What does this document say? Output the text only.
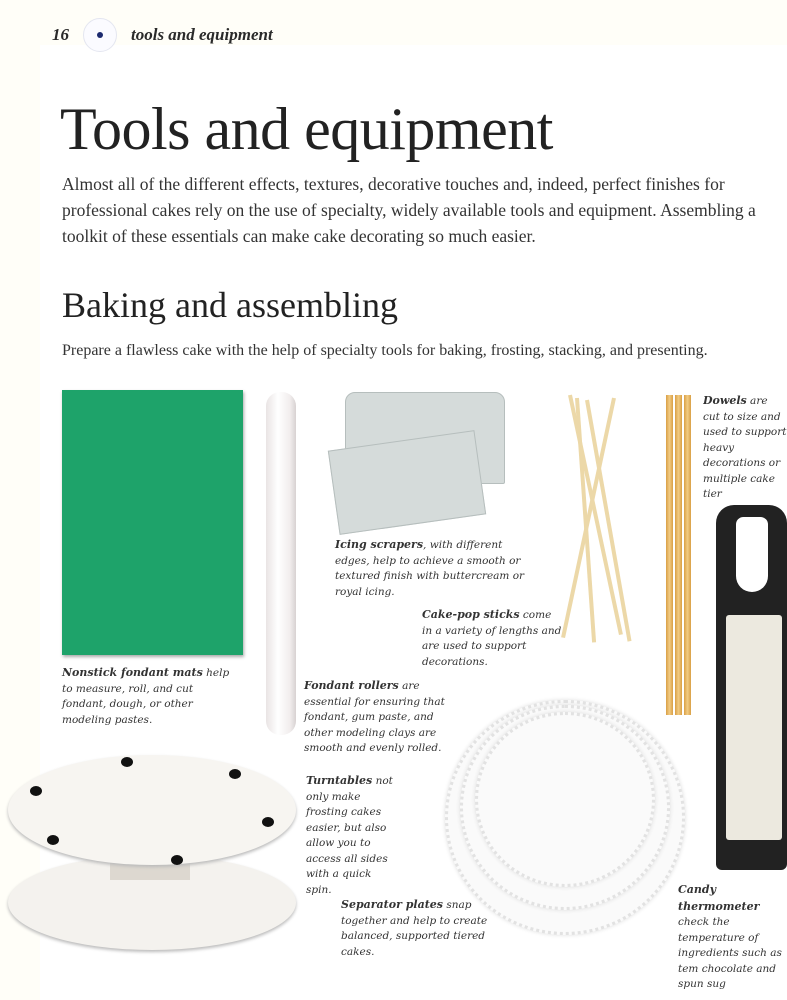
16	tools and equipment
Tools and equipment

Almost all of the different effects, textures, decorative touches and, indeed, perfect finishes for professional cakes rely on the use of specialty, widely available tools and equipment. Assembling a toolkit of these essentials can make cake decorating so much easier.

Baking and assembling

Prepare a flawless cake with the help of specialty tools for baking, frosting, stacking, and presenting.

Nonstick fondant mats help to measure, roll, and cut fondant, dough, or other modeling pastes.

Fondant rollers are essential for ensuring that fondant, gum paste, and other modeling clays are smooth and evenly rolled.

Icing scrapers, with different edges, help to achieve a smooth or textured finish with buttercream or royal icing.

Cake-pop sticks come in a variety of lengths and are used to support decorations.

Dowels are cut to size and used to support heavy decorations or multiple cake tier

Turntables not only make frosting cakes easier, but also allow you to access all sides with a quick spin.

Separator plates snap together and help to create balanced, supported tiered cakes.

Candy thermometer check the temperature of ingredients such as tem chocolate and spun sug
